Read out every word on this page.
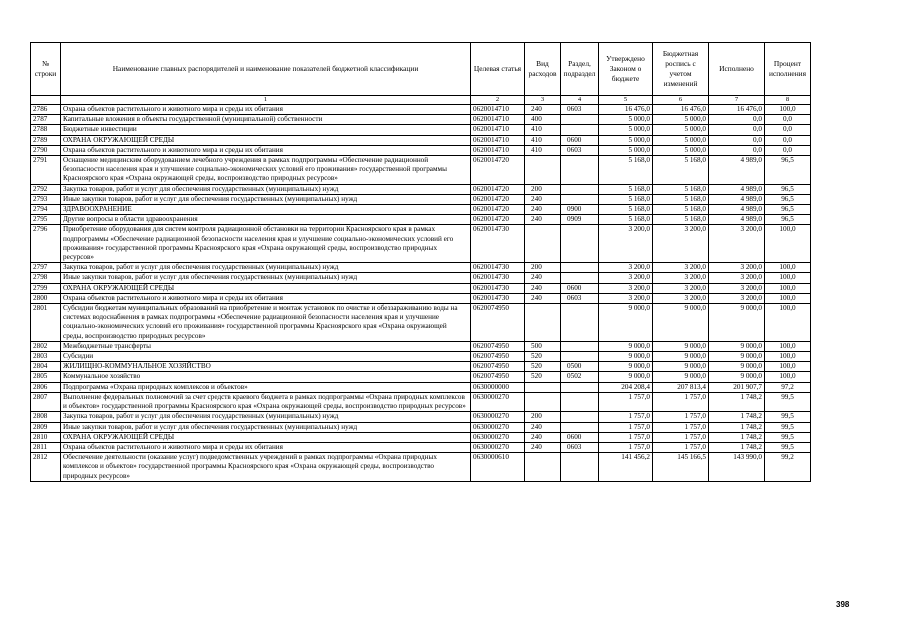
№ строки	Наименование главных распорядителей и наименование показателей бюджетной классификации	Целевая статья	Вид расходов	Раздел, подраздел	Утверждено Законом о бюджете	Бюджетная роспись с учетом изменений	Исполнено	Процент исполнения
	1	2	3	4	5	6	7	8
2786	Охрана объектов растительного и животного мира и среды их обитания	0620014710	240	0603	16 476,0	16 476,0	16 476,0	100,0
2787	Капитальные вложения в объекты государственной (муниципальной) собственности	0620014710	400		5 000,0	5 000,0	0,0	0,0
2788	Бюджетные инвестиции	0620014710	410		5 000,0	5 000,0	0,0	0,0
2789	ОХРАНА ОКРУЖАЮЩЕЙ СРЕДЫ	0620014710	410	0600	5 000,0	5 000,0	0,0	0,0
2790	Охрана объектов растительного и животного мира и среды их обитания	0620014710	410	0603	5 000,0	5 000,0	0,0	0,0
2791	Оснащение медицинским оборудованием лечебного учреждения в рамках подпрограммы «Обеспечение радиационной безопасности населения края и улучшение социально-экономических условий его проживания» государственной программы Красноярского края «Охрана окружающей среды, воспроизводство природных ресурсов»	0620014720			5 168,0	5 168,0	4 989,0	96,5
2792	Закупка товаров, работ и услуг для обеспечения государственных (муниципальных) нужд	0620014720	200		5 168,0	5 168,0	4 989,0	96,5
2793	Иные закупки товаров, работ и услуг для обеспечения государственных (муниципальных) нужд	0620014720	240		5 168,0	5 168,0	4 989,0	96,5
2794	ЗДРАВООХРАНЕНИЕ	0620014720	240	0900	5 168,0	5 168,0	4 989,0	96,5
2795	Другие вопросы в области здравоохранения	0620014720	240	0909	5 168,0	5 168,0	4 989,0	96,5
2796	Приобретение оборудования для систем контроля радиационной обстановки на территории Красноярского края в рамках подпрограммы «Обеспечение радиационной безопасности населения края и улучшение социально-экономических условий его проживания» государственной программы Красноярского края «Охрана окружающей среды, воспроизводство природных ресурсов»	0620014730			3 200,0	3 200,0	3 200,0	100,0
2797	Закупка товаров, работ и услуг для обеспечения государственных (муниципальных) нужд	0620014730	200		3 200,0	3 200,0	3 200,0	100,0
2798	Иные закупки товаров, работ и услуг для обеспечения государственных (муниципальных) нужд	0620014730	240		3 200,0	3 200,0	3 200,0	100,0
2799	ОХРАНА ОКРУЖАЮЩЕЙ СРЕДЫ	0620014730	240	0600	3 200,0	3 200,0	3 200,0	100,0
2800	Охрана объектов растительного и животного мира и среды их обитания	0620014730	240	0603	3 200,0	3 200,0	3 200,0	100,0
2801	Субсидии бюджетам муниципальных образований на приобретение и монтаж установок по очистке и обеззараживанию воды на системах водоснабжения в рамках подпрограммы «Обеспечение радиационной безопасности населения края и улучшение социально-экономических условий его проживания» государственной программы Красноярского края «Охрана окружающей среды, воспроизводство природных ресурсов»	0620074950			9 000,0	9 000,0	9 000,0	100,0
2802	Межбюджетные трансферты	0620074950	500		9 000,0	9 000,0	9 000,0	100,0
2803	Субсидии	0620074950	520		9 000,0	9 000,0	9 000,0	100,0
2804	ЖИЛИЩНО-КОММУНАЛЬНОЕ ХОЗЯЙСТВО	0620074950	520	0500	9 000,0	9 000,0	9 000,0	100,0
2805	Коммунальное хозяйство	0620074950	520	0502	9 000,0	9 000,0	9 000,0	100,0
2806	Подпрограмма «Охрана природных комплексов и объектов»	0630000000			204 208,4	207 813,4	201 907,7	97,2
2807	Выполнение федеральных полномочий за счет средств краевого бюджета в рамках подпрограммы «Охрана природных комплексов и объектов» государственной программы Красноярского края «Охрана окружающей среды, воспроизводство природных ресурсов»	0630000270			1 757,0	1 757,0	1 748,2	99,5
2808	Закупка товаров, работ и услуг для обеспечения государственных (муниципальных) нужд	0630000270	200		1 757,0	1 757,0	1 748,2	99,5
2809	Иные закупки товаров, работ и услуг для обеспечения государственных (муниципальных) нужд	0630000270	240		1 757,0	1 757,0	1 748,2	99,5
2810	ОХРАНА ОКРУЖАЮЩЕЙ СРЕДЫ	0630000270	240	0600	1 757,0	1 757,0	1 748,2	99,5
2811	Охрана объектов растительного и животного мира и среды их обитания	0630000270	240	0603	1 757,0	1 757,0	1 748,2	99,5
2812	Обеспечение деятельности (оказание услуг) подведомственных учреждений в рамках подпрограммы «Охрана природных комплексов и объектов» государственной программы Красноярского края «Охрана окружающей среды, воспроизводство природных ресурсов»	0630000610			141 456,2	145 166,5	143 990,0	99,2
398
